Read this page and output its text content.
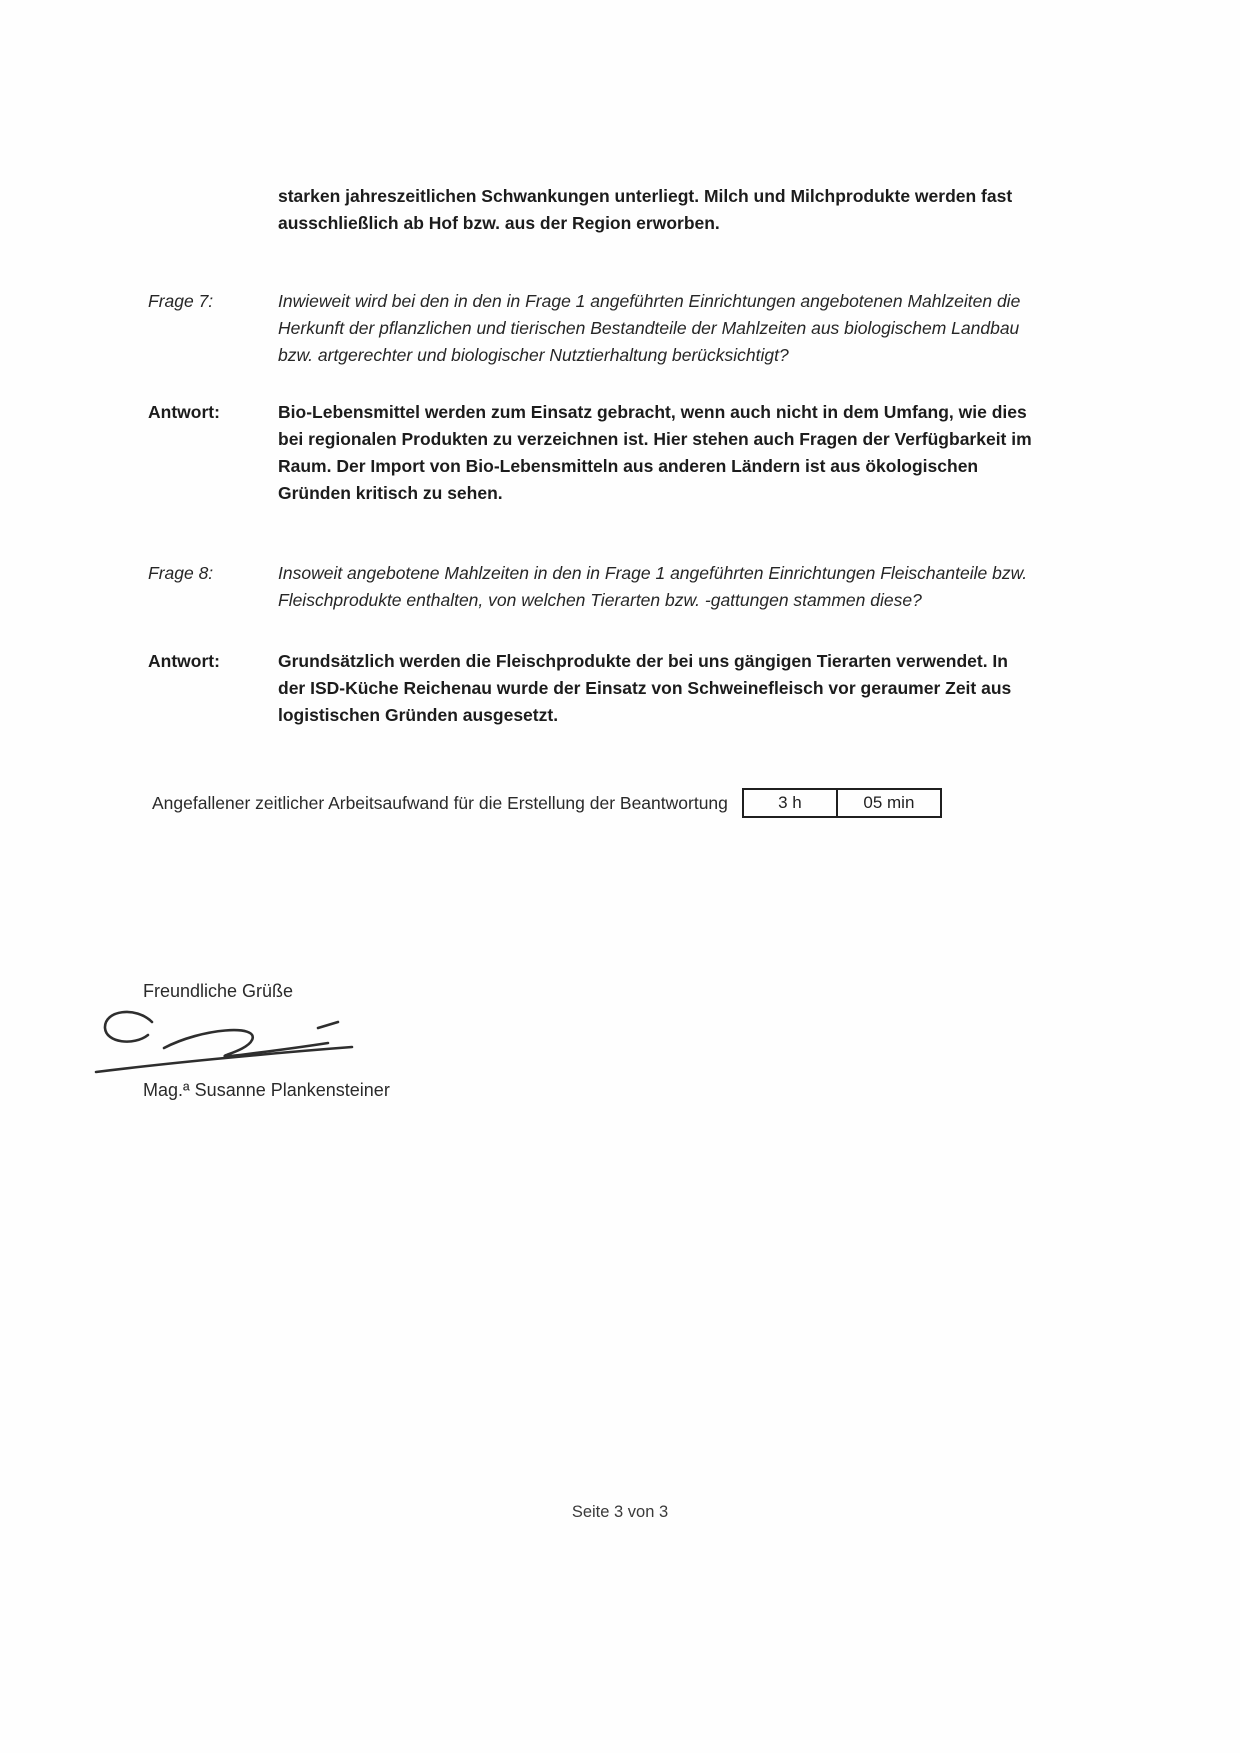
starken jahreszeitlichen Schwankungen unterliegt. Milch und Milchprodukte werden fast ausschließlich ab Hof bzw. aus der Region erworben.

Frage 7:	Inwieweit wird bei den in den in Frage 1 angeführten Einrichtungen angebotenen Mahlzeiten die Herkunft der pflanzlichen und tierischen Bestandteile der Mahlzeiten aus biologischem Landbau bzw. artgerechter und biologischer Nutztierhaltung berücksichtigt?
Antwort:	Bio-Lebensmittel werden zum Einsatz gebracht, wenn auch nicht in dem Umfang, wie dies bei regionalen Produkten zu verzeichnen ist. Hier stehen auch Fragen der Verfügbarkeit im Raum. Der Import von Bio-Lebensmitteln aus anderen Ländern ist aus ökologischen Gründen kritisch zu sehen.
Frage 8:	Insoweit angebotene Mahlzeiten in den in Frage 1 angeführten Einrichtungen Fleischanteile bzw. Fleischprodukte enthalten, von welchen Tierarten bzw. -gattungen stammen diese?
Antwort:	Grundsätzlich werden die Fleischprodukte der bei uns gängigen Tierarten verwendet. In der ISD-Küche Reichenau wurde der Einsatz von Schweinefleisch vor geraumer Zeit aus logistischen Gründen ausgesetzt.
Angefallener zeitlicher Arbeitsaufwand für die Erstellung der Beantwortung	3 h	05 min
Freundliche Grüße
Mag.ª Susanne Plankensteiner
Seite 3 von 3
